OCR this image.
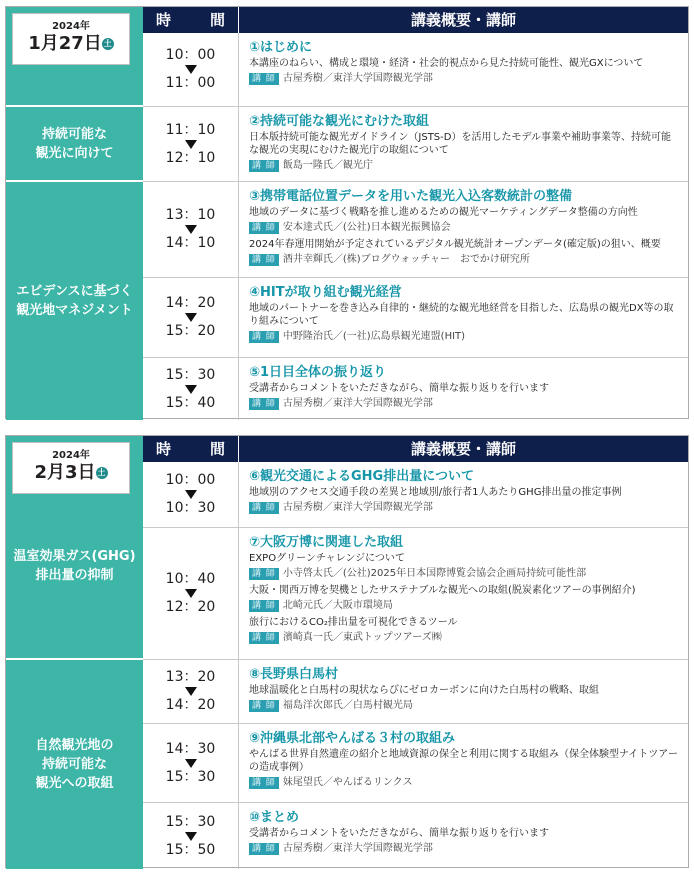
2024年
1月27日 土
持続可能な
観光に向けて
エビデンスに基づく
観光地マネジメント
時　間	講義概要・講師
10：00
11：00
①はじめに
本講座のねらい、構成と環境・経済・社会的視点から見た持続可能性、観光GXについて
講 師 古屋秀樹／東洋大学国際観光学部
11：10
12：10
②持続可能な観光にむけた取組
日本版持続可能な観光ガイドライン（JSTS-D）を活用したモデル事業や補助事業等、持続可能な観光の実現にむけた観光庁の取組について
講 師 飯島一隆氏／観光庁
13：10
14：10
③携帯電話位置データを用いた観光入込客数統計の整備
地域のデータに基づく戦略を推し進めるための観光マーケティングデータ整備の方向性
講 師 安本達式氏／(公社)日本観光振興協会
2024年春運用開始が予定されているデジタル観光統計オープンデータ(確定版)の狙い、概要
講 師 酒井幸輝氏／(株)ブログウォッチャー　おでかけ研究所
14：20
15：20
④HITが取り組む観光経営
地域のパートナーを巻き込み自律的・継続的な観光地経営を目指した、広島県の観光DX等の取り組みについて
講 師 中野隆治氏／(一社)広島県観光連盟(HIT)
15：30
15：40
⑤1日目全体の振り返り
受講者からコメントをいただきながら、簡単な振り返りを行います
講 師 古屋秀樹／東洋大学国際観光学部
温室効果ガス(GHG)
排出量の抑制
2024年
2月3日 土
自然観光地の
持続可能な
観光への取組
時　間	講義概要・講師
10：00
10：30
⑥観光交通によるGHG排出量について
地域別のアクセス交通手段の差異と地域別/旅行者1人あたりGHG排出量の推定事例
講 師 古屋秀樹／東洋大学国際観光学部
10：40
12：20
⑦大阪万博に関連した取組
EXPOグリーンチャレンジについて
講 師 小寺啓太氏／(公社)2025年日本国際博覧会協会企画局持続可能性部
大阪・関西万博を契機としたサステナブルな観光への取組(脱炭素化ツアーの事例紹介)
講 師 北崎元氏／大阪市環境局
旅行におけるCO₂排出量を可視化できるツール
講 師 濱崎真一氏／東武トップツアーズ㈱
13：20
14：20
⑧長野県白馬村
地球温暖化と白馬村の現状ならびにゼロカーボンに向けた白馬村の戦略、取組
講 師 福島洋次郎氏／白馬村観光局
14：30
15：30
⑨沖縄県北部やんばる３村の取組み
やんばる世界自然遺産の紹介と地域資源の保全と利用に関する取組み（保全体験型ナイトツアーの造成事例）
講 師 妹尾望氏／やんばるリンクス
15：30
15：50
⑩まとめ
受講者からコメントをいただきながら、簡単な振り返りを行います
講 師 古屋秀樹／東洋大学国際観光学部
